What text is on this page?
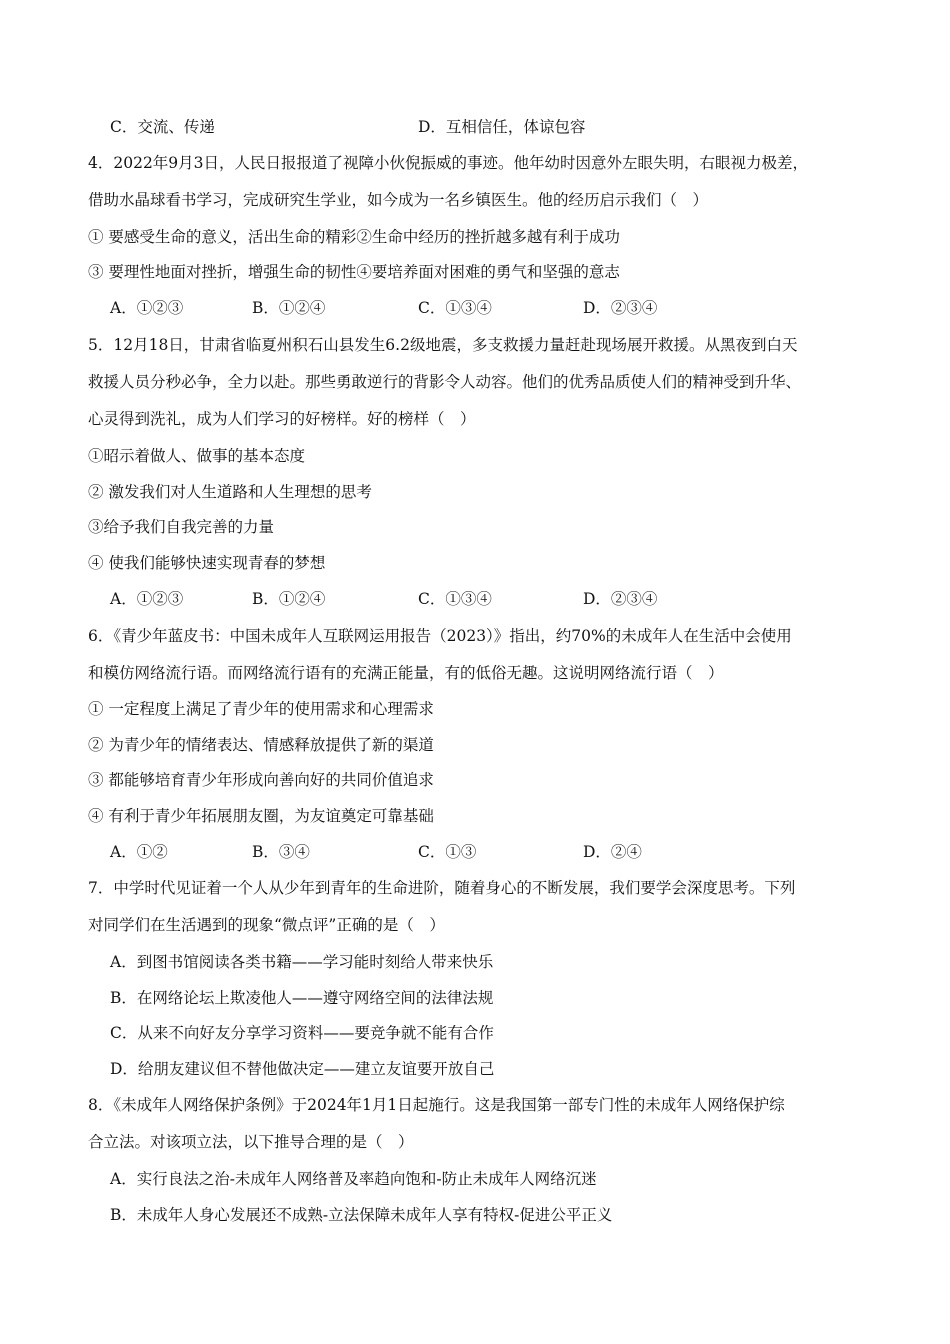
C．交流、传递	D．互相信任，体谅包容
4．2022年9月3日，人民日报报道了视障小伙倪振威的事迹。他年幼时因意外左眼失明，右眼视力极差，
借助水晶球看书学习，完成研究生学业，如今成为一名乡镇医生。他的经历启示我们（　）
① 要感受生命的意义，活出生命的精彩②生命中经历的挫折越多越有利于成功
③ 要理性地面对挫折，增强生命的韧性④要培养面对困难的勇气和坚强的意志
A．①②③	B．①②④	C．①③④	D．②③④
5．12月18日，甘肃省临夏州积石山县发生6.2级地震，多支救援力量赶赴现场展开救援。从黑夜到白天
救援人员分秒必争，全力以赴。那些勇敢逆行的背影令人动容。他们的优秀品质使人们的精神受到升华、
心灵得到洗礼，成为人们学习的好榜样。好的榜样（　）
①昭示着做人、做事的基本态度
② 激发我们对人生道路和人生理想的思考
③给予我们自我完善的力量
④ 使我们能够快速实现青春的梦想
A．①②③	B．①②④	C．①③④	D．②③④
6．《青少年蓝皮书：中国未成年人互联网运用报告（2023）》指出，约70%的未成年人在生活中会使用
和模仿网络流行语。而网络流行语有的充满正能量，有的低俗无趣。这说明网络流行语（　）
① 一定程度上满足了青少年的使用需求和心理需求
② 为青少年的情绪表达、情感释放提供了新的渠道
③ 都能够培育青少年形成向善向好的共同价值追求
④ 有利于青少年拓展朋友圈，为友谊奠定可靠基础
A．①②	B．③④	C．①③	D．②④
7．中学时代见证着一个人从少年到青年的生命进阶，随着身心的不断发展，我们要学会深度思考。下列
对同学们在生活遇到的现象“微点评”正确的是（　）
A．到图书馆阅读各类书籍——学习能时刻给人带来快乐
B．在网络论坛上欺凌他人——遵守网络空间的法律法规
C．从来不向好友分享学习资料——要竞争就不能有合作
D．给朋友建议但不替他做决定——建立友谊要开放自己
8．《未成年人网络保护条例》于2024年1月1日起施行。这是我国第一部专门性的未成年人网络保护综
合立法。对该项立法，以下推导合理的是（　）
A．实行良法之治-未成年人网络普及率趋向饱和-防止未成年人网络沉迷
B．未成年人身心发展还不成熟-立法保障未成年人享有特权-促进公平正义
